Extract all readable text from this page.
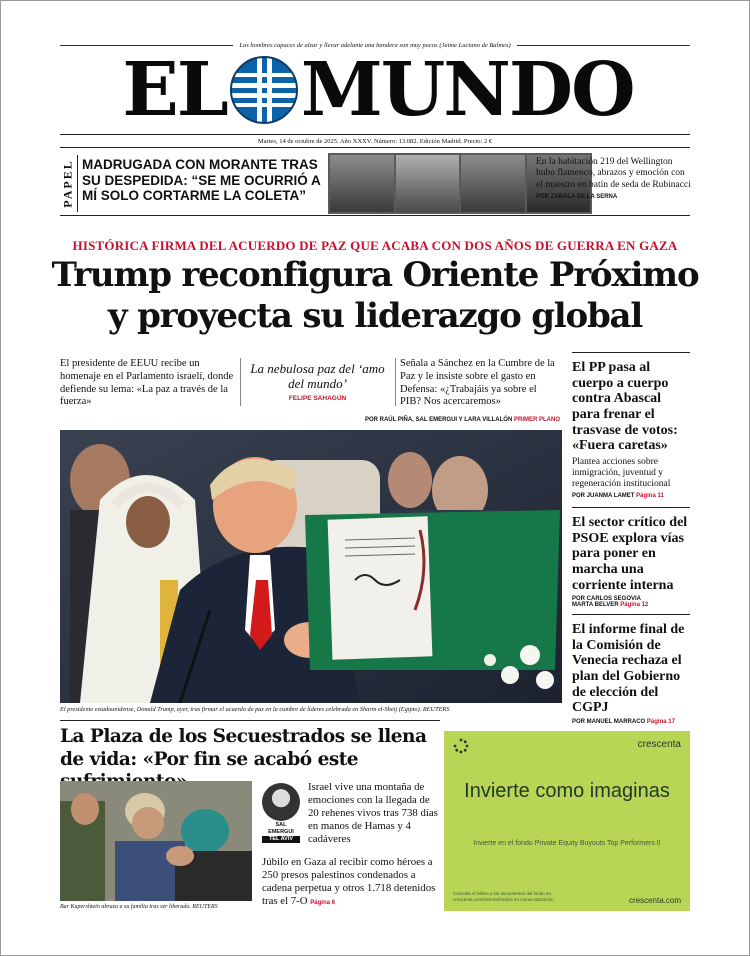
Los hombres capaces de alzar y llevar adelante una bandera son muy pocos (Jaime Luciano de Balmes)
EL MUNDO
Martes, 14 de octubre de 2025. Año XXXV. Número: 13.082. Edición Madrid. Precio: 2 €
PAPEL MADRUGADA CON MORANTE TRAS SU DESPEDIDA: “SE ME OCURRIÓ A MÍ SOLO CORTARME LA COLETA”
En la habitación 219 del Wellington hubo flamenco, abrazos y emoción con el maestro en batín de seda de Rubinacci POR ZABALA DE LA SERNA
HISTÓRICA FIRMA DEL ACUERDO DE PAZ QUE ACABA CON DOS AÑOS DE GUERRA EN GAZA
Trump reconfigura Oriente Próximo y proyecta su liderazgo global
El presidente de EEUU recibe un homenaje en el Parlamento israelí, donde defiende su lema: «La paz a través de la fuerza»
La nebulosa paz del ‘amo del mundo’
FELIPE SAHAGÚN
Señala a Sánchez en la Cumbre de la Paz y le insiste sobre el gasto en Defensa: «¿Trabajáis ya sobre el PIB? Nos acercaremos»
POR RAÚL PIÑA, SAL EMERGUI Y LARA VILLALÓN PRIMER PLANO
El presidente estadounidense, Donald Trump, ayer, tras firmar el acuerdo de paz en la cumbre de líderes celebrada en Sharm el-Sheij (Egipto). REUTERS
El PP pasa al cuerpo a cuerpo contra Abascal para frenar el trasvase de votos: «Fuera caretas»
Plantea acciones sobre inmigración, juventud y regeneración institucional
POR JUANMA LAMET Página 11
El sector crítico del PSOE explora vías para poner en marcha una corriente interna
POR CARLOS SEGOVIA
MARTA BELVER Página 12
El informe final de la Comisión de Venecia rechaza el plan del Gobierno de elección del CGPJ
POR MANUEL MARRACO Página 17
La Plaza de los Secuestrados se llena de vida: «Por fin se acabó este
Bar Kupershtein abraza a su familia tras ser liberado. REUTERS
SAL EMERGUI
TEL AVIV
Israel vive una montaña de emociones con la llegada de 20 rehenes vivos tras 738 días en manos de Hamas y 4 cadáveres
Júbilo en Gaza al recibir como héroes a 250 presos palestinos condenados a cadena perpetua y otros 1.718 detenidos tras el 7-O Página 6
crescenta
Invierte como imaginas
Invierte en el fondo Private Equity Buyouts Top Performers II
Consulta el folleto y los documentos del fondo en crescenta.com/invierte/fondos en comercialización	crescenta.com
